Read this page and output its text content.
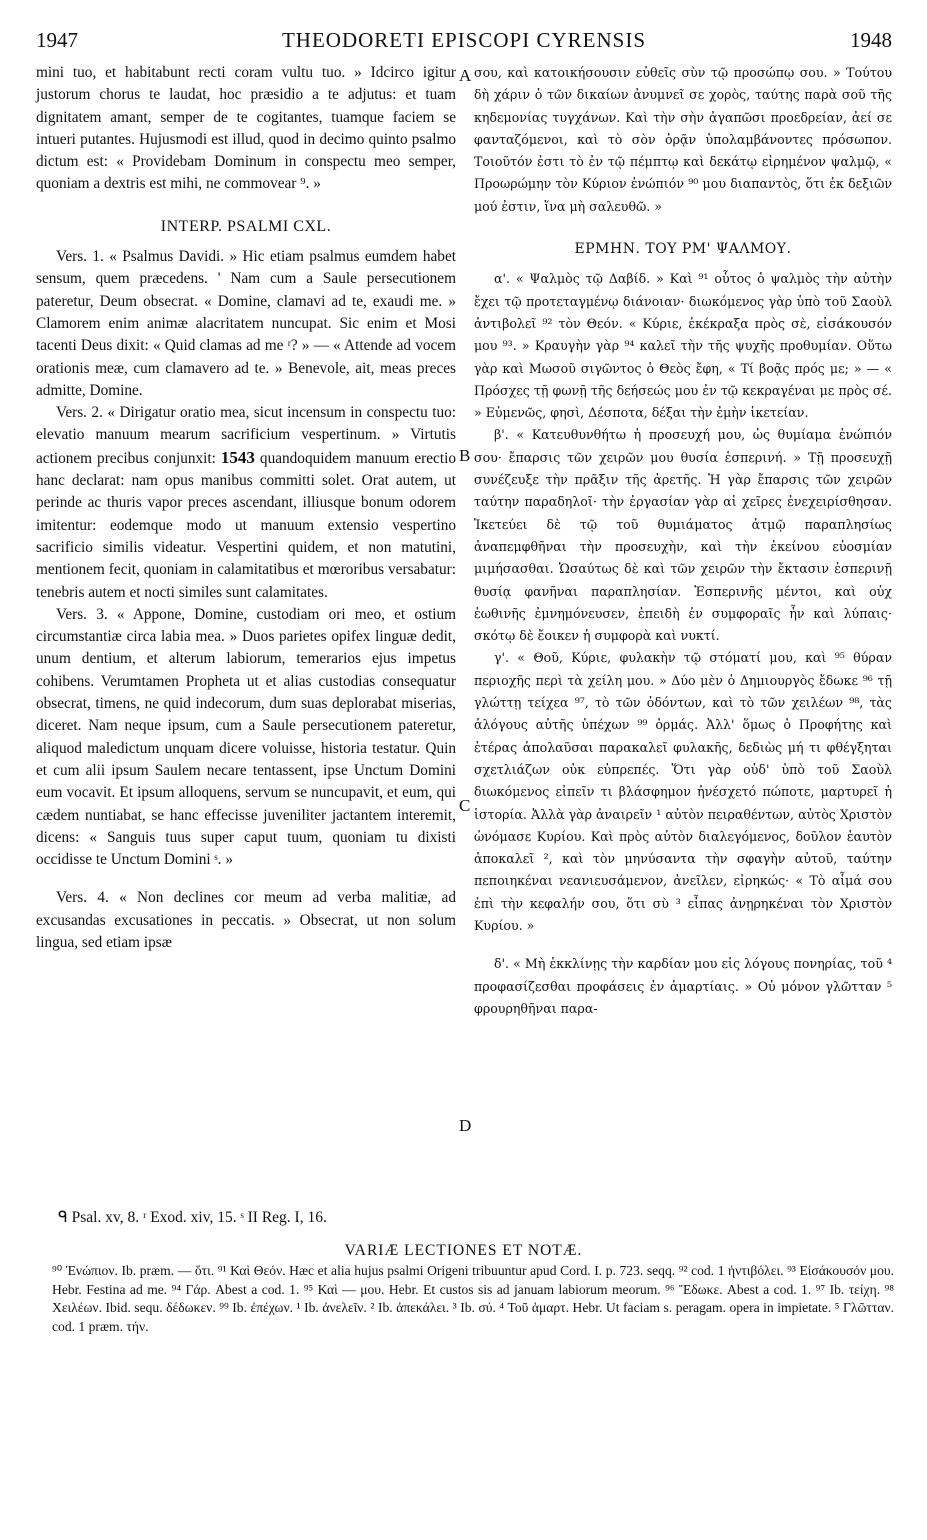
1947	THEODORETI EPISCOPI CYRENSIS	1948

mini tuo, et habitabunt recti coram vultu tuo. » Idcirco igitur justorum chorus te laudat, hoc præsidio a te adjutus: et tuam dignitatem amant, semper de te cogitantes, tuamque faciem se intueri putantes. Hujusmodi est illud, quod in decimo quinto psalmo dictum est: « Providebam Dominum in conspectu meo semper, quoniam a dextris est mihi, ne commovear ⁹. »

INTERP. PSALMI CXL.

Vers. 1. « Psalmus Davidi. » Hic etiam psalmus eumdem habet sensum, quem præcedens. ' Nam cum a Saule persecutionem pateretur, Deum obsecrat. « Domine, clamavi ad te, exaudi me. » Clamorem enim animæ alacritatem nuncupat. Sic enim et Mosi tacenti Deus dixit: « Quid clamas ad me ʳ? » — « Attende ad vocem orationis meæ, cum clamavero ad te. » Benevole, ait, meas preces admitte, Domine.

Vers. 2. « Dirigatur oratio mea, sicut incensum in conspectu tuo: elevatio manuum mearum sacrificium vespertinum. » Virtutis actionem precibus conjunxit: 1543 quandoquidem manuum erectio hanc declarat: nam opus manibus committi solet. Orat autem, ut perinde ac thuris vapor preces ascendant, illiusque bonum odorem imitentur: eodemque modo ut manuum extensio vespertino sacrificio similis videatur. Vespertini quidem, et non matutini, mentionem fecit, quoniam in calamitatibus et mœroribus versabatur: tenebris autem et nocti similes sunt calamitates.

Vers. 3. « Appone, Domine, custodiam ori meo, et ostium circumstantiæ circa labia mea. » Duos parietes opifex linguæ dedit, unum dentium, et alterum labiorum, temerarios ejus impetus cohibens. Verumtamen Propheta ut et alias custodias consequatur obsecrat, timens, ne quid indecorum, dum suas deplorabat miserias, diceret. Nam neque ipsum, cum a Saule persecutionem pateretur, aliquod maledictum unquam dicere voluisse, historia testatur. Quin et cum alii ipsum Saulem necare tentassent, ipse Unctum Domini eum vocavit. Et ipsum alloquens, servum se nuncupavit, et eum, qui cædem nuntiabat, se hanc effecisse juveniliter jactantem interemit, dicens: « Sanguis tuus super caput tuum, quoniam tu dixisti occidisse te Unctum Domini ˢ. »

Vers. 4. « Non declines cor meum ad verba malitiæ, ad excusandas excusationes in peccatis. » Obsecrat, ut non solum lingua, sed etiam ipsæ

σου, καὶ κατοικήσουσιν εὐθεῖς σὺν τῷ προσώπῳ σου. » Τούτου δὴ χάριν ὁ τῶν δικαίων ἀνυμνεῖ σε χορὸς, ταύτης παρὰ σοῦ τῆς κηδεμονίας τυγχάνων. Καὶ τὴν σὴν ἀγαπῶσι προεδρείαν, ἀεί σε φανταζόμενοι, καὶ τὸ σὸν ὁρᾷν ὑπολαμβάνοντες πρόσωπον. Τοιοῦτόν ἐστι τὸ ἐν τῷ πέμπτῳ καὶ δεκάτῳ εἰρημένον ψαλμῷ, « Προωρώμην τὸν Κύριον ἐνώπιόν ⁹⁰ μου διαπαντὸς, ὅτι ἐκ δεξιῶν μού ἐστιν, ἵνα μὴ σαλευθῶ. »

ΕΡΜΗΝ. ΤΟΥ ΡΜ' ΨΑΛΜΟΥ.

α'. « Ψαλμὸς τῷ Δαβίδ. » Καὶ ⁹¹ οὗτος ὁ ψαλμὸς τὴν αὐτὴν ἔχει τῷ προτεταγμένῳ διάνοιαν· διωκόμενος γὰρ ὑπὸ τοῦ Σαοὺλ ἀντιβολεῖ ⁹² τὸν Θεόν. « Κύριε, ἐκέκραξα πρὸς σὲ, εἰσάκουσόν μου ⁹³. » Κραυγὴν γὰρ ⁹⁴ καλεῖ τὴν τῆς ψυχῆς προθυμίαν. Οὕτω γὰρ καὶ Μωσοῦ σιγῶντος ὁ Θεὸς ἔφη, « Τί βοᾷς πρός με; » — « Πρόσχες τῇ φωνῇ τῆς δεήσεώς μου ἐν τῷ κεκραγέναι με πρὸς σέ. » Εὐμενῶς, φησὶ, Δέσποτα, δέξαι τὴν ἐμὴν ἱκετείαν.

β'. « Κατευθυνθήτω ἡ προσευχή μου, ὡς θυμίαμα ἐνώπιόν σου· ἔπαρσις τῶν χειρῶν μου θυσία ἑσπερινή. » Τῇ προσευχῇ συνέζευξε τὴν πρᾶξιν τῆς ἀρετῆς. Ἡ γὰρ ἔπαρσις τῶν χειρῶν ταύτην παραδηλοῖ· τὴν ἐργασίαν γὰρ αἱ χεῖρες ἐνεχειρίσθησαν. Ἱκετεύει δὲ τῷ τοῦ θυμιάματος ἀτμῷ παραπλησίως ἀναπεμφθῆναι τὴν προσευχὴν, καὶ τὴν ἐκείνου εὐοσμίαν μιμήσασθαι. Ὡσαύτως δὲ καὶ τῶν χειρῶν τὴν ἔκτασιν ἑσπερινῇ θυσίᾳ φανῆναι παραπλησίαν. Ἑσπερινῆς μέντοι, καὶ οὐχ ἑωθινῆς ἐμνημόνευσεν, ἐπειδὴ ἐν συμφοραῖς ἦν καὶ λύπαις· σκότῳ δὲ ἔοικεν ἡ συμφορὰ καὶ νυκτί.

γ'. « Θοῦ, Κύριε, φυλακὴν τῷ στόματί μου, καὶ ⁹⁵ θύραν περιοχῆς περὶ τὰ χείλη μου. » Δύο μὲν ὁ Δημιουργὸς ἔδωκε ⁹⁶ τῇ γλώττῃ τείχεα ⁹⁷, τὸ τῶν ὀδόντων, καὶ τὸ τῶν χειλέων ⁹⁸, τὰς ἀλόγους αὐτῆς ὑπέχων ⁹⁹ ὁρμάς. Ἀλλ' ὅμως ὁ Προφήτης καὶ ἑτέρας ἀπολαῦσαι παρακαλεῖ φυλακῆς, δεδιὼς μή τι φθέγξηται σχετλιάζων οὐκ εὐπρεπές. Ὅτι γὰρ οὐδ' ὑπὸ τοῦ Σαοὺλ διωκόμενος εἰπεῖν τι βλάσφημον ἠνέσχετό πώποτε, μαρτυρεῖ ἡ ἱστορία. Ἀλλὰ γὰρ ἀναιρεῖν ¹ αὐτὸν πειραθέντων, αὐτὸς Χριστὸν ὠνόμασε Κυρίου. Καὶ πρὸς αὐτὸν διαλεγόμενος, δοῦλον ἑαυτὸν ἀποκαλεῖ ², καὶ τὸν μηνύσαντα τὴν σφαγὴν αὐτοῦ, ταύτην πεποιηκέναι νεανιευσάμενον, ἀνεῖλεν, εἰρηκώς· « Τὸ αἷμά σου ἐπὶ τὴν κεφαλήν σου, ὅτι σὺ ³ εἶπας ἀνῃρηκέναι τὸν Χριστὸν Κυρίου. »

δ'. « Μὴ ἐκκλίνῃς τὴν καρδίαν μου εἰς λόγους πονηρίας, τοῦ ⁴ προφασίζεσθαι προφάσεις ἐν ἁμαρτίαις. » Οὐ μόνον γλῶτταν ⁵ φρουρηθῆναι παρα-

A
B
C
D
ᑫ Psal. xv, 8. ʳ Exod. xiv, 15. ˢ II Reg. I, 16.
VARIÆ LECTIONES ET NOTÆ.

⁹⁰ Ἐνώπιον. Ib. præm. — ὅτι. ⁹¹ Καὶ Θεόν. Hæc et alia hujus psalmi Origeni tribuuntur apud Cord. I. p. 723. seqq. ⁹² cod. 1 ἠντιβόλει. ⁹³ Εἰσάκουσόν μου. Hebr. Festina ad me. ⁹⁴ Γάρ. Abest a cod. 1. ⁹⁵ Καὶ — μου. Hebr. Et custos sis ad januam labiorum meorum. ⁹⁶ Ἔδωκε. Abest a cod. 1. ⁹⁷ Ib. τείχη. ⁹⁸ Χειλέων. Ibid. sequ. δέδωκεν. ⁹⁹ Ib. ἐπέχων. ¹ Ib. ἀνελεῖν. ² Ib. ἀπεκάλει. ³ Ib. σύ. ⁴ Τοῦ ἁμαρτ. Hebr. Ut faciam s. peragam. opera in impietate. ⁵ Γλῶτταν. cod. 1 præm. τήν.
